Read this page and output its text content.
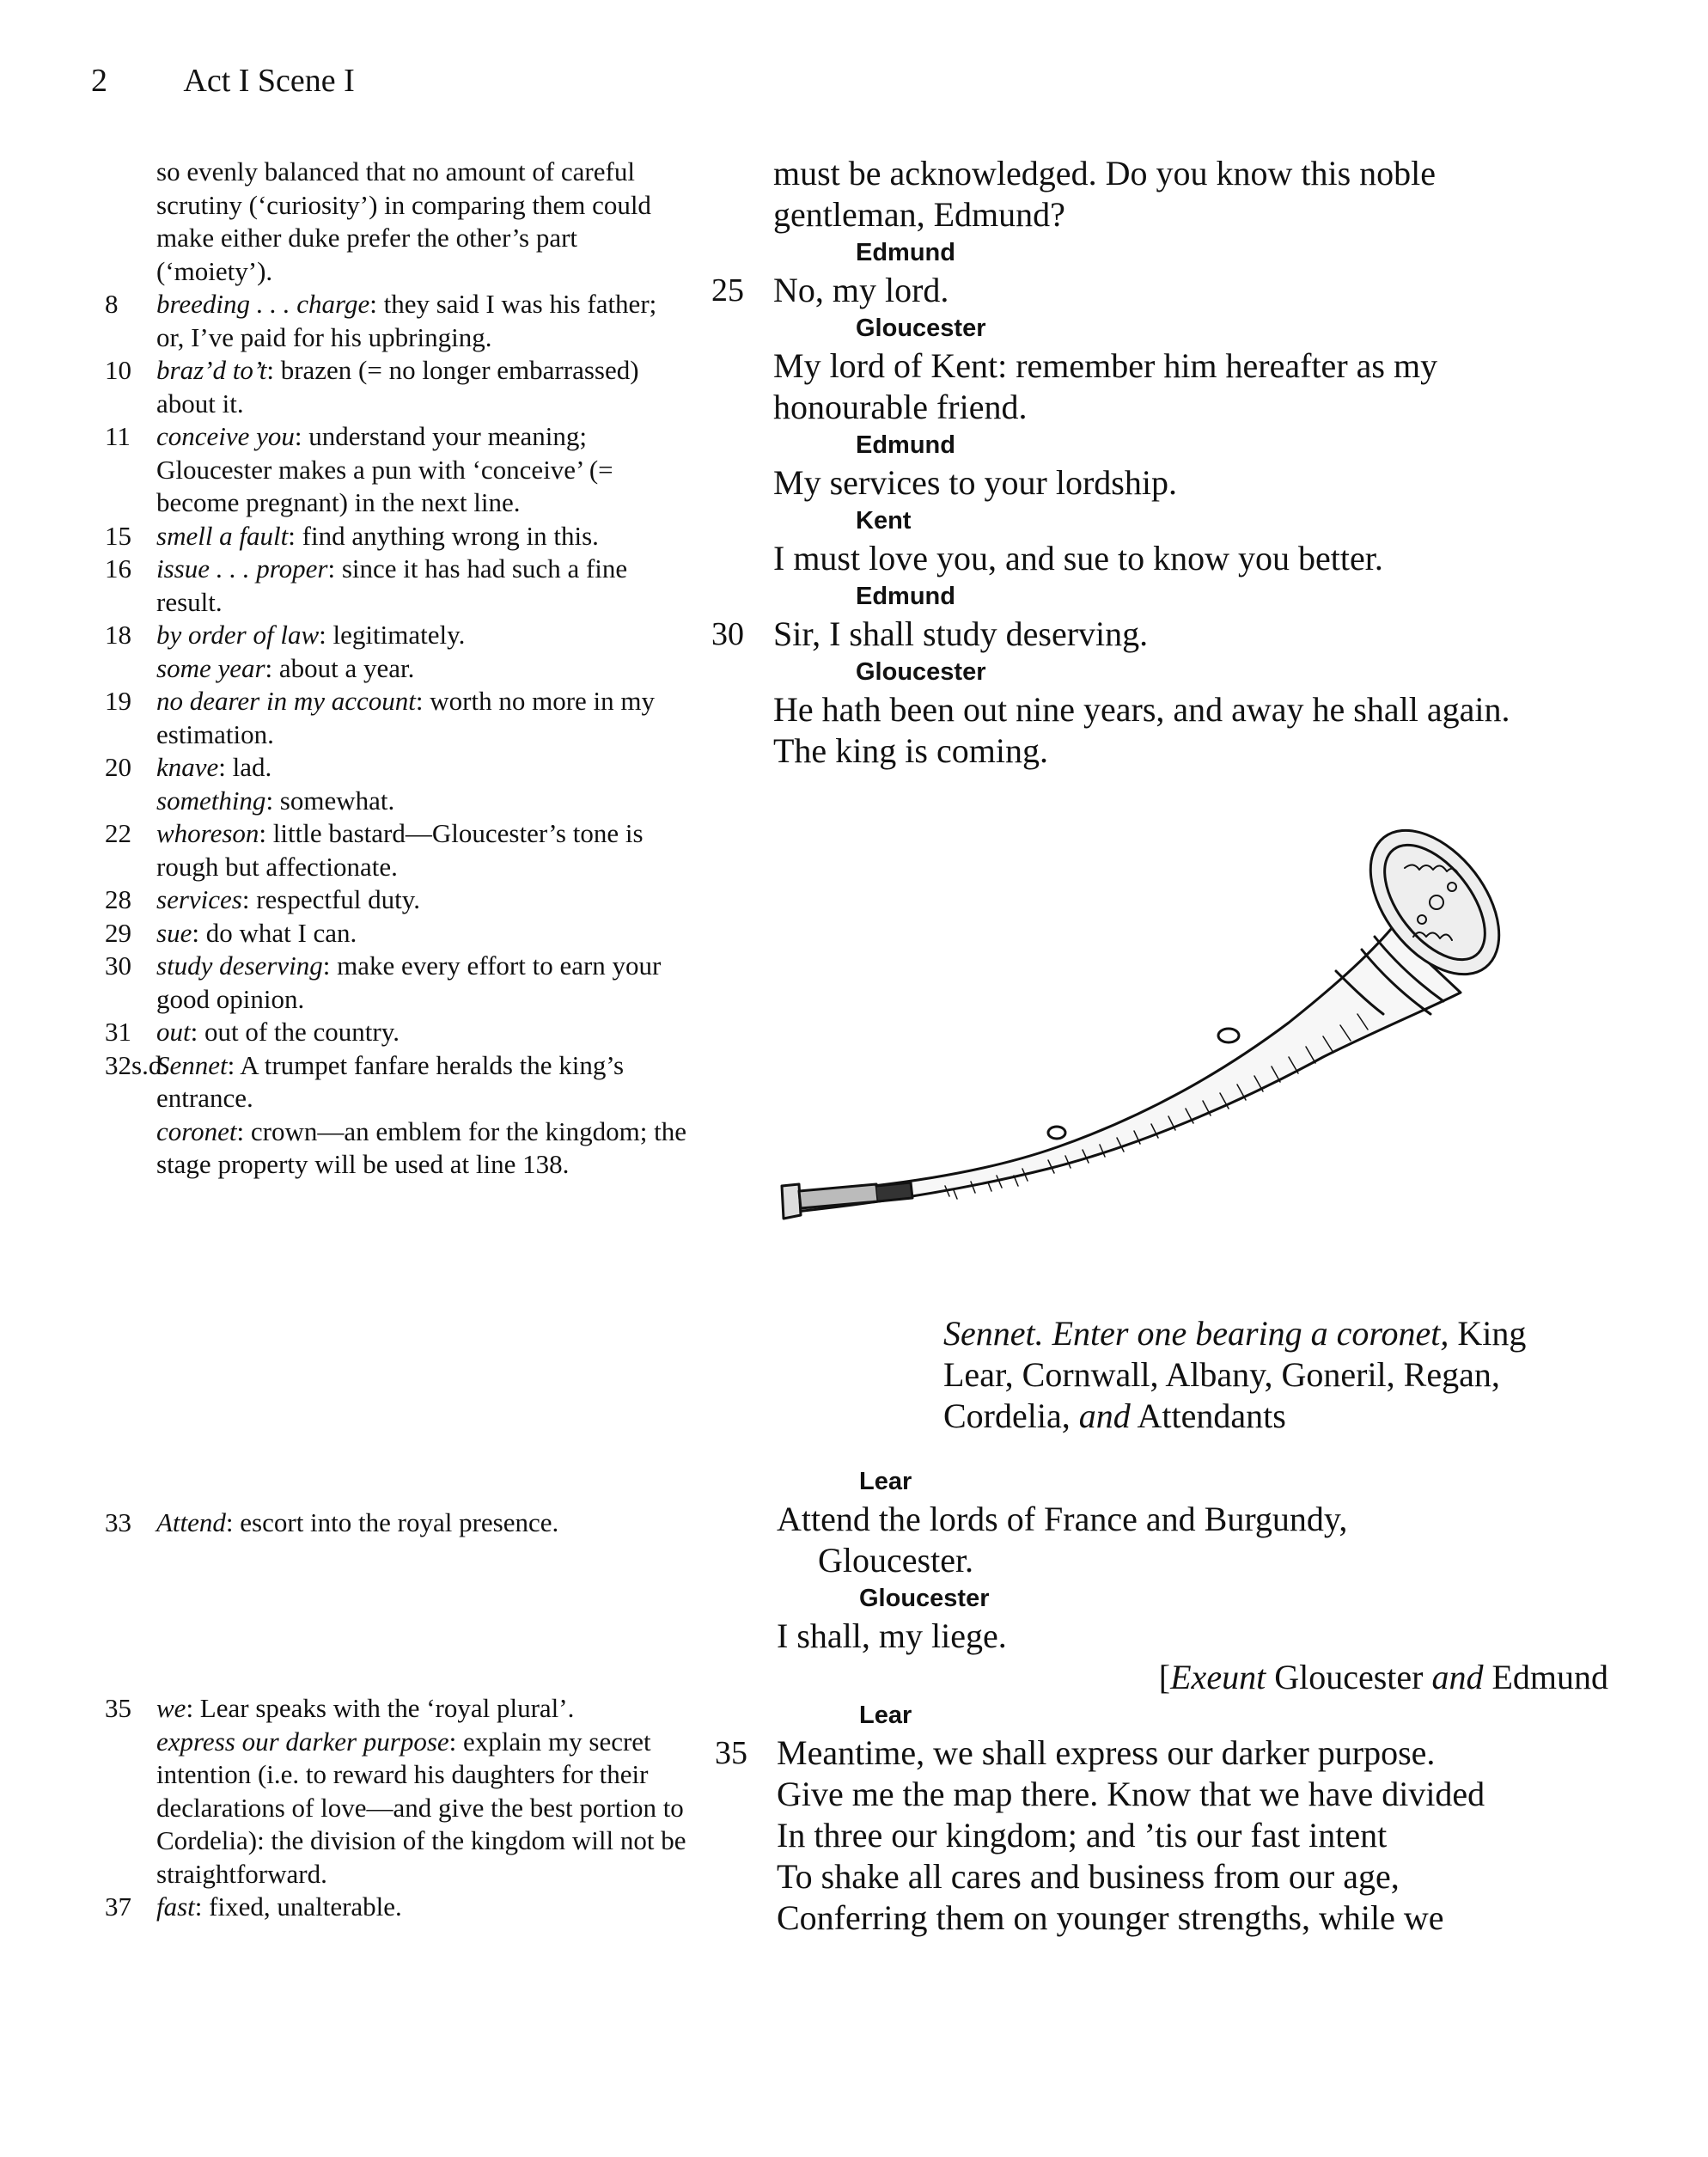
2 Act I Scene I
so evenly balanced that no amount of careful scrutiny (‘curiosity’) in comparing them could make either duke prefer the other’s part (‘moiety’).
8 breeding . . . charge: they said I was his father; or, I’ve paid for his upbringing.
10 braz’d to’t: brazen (= no longer embarrassed) about it.
11 conceive you: understand your meaning; Gloucester makes a pun with ‘conceive’ (= become pregnant) in the next line.
15 smell a fault: find anything wrong in this.
16 issue . . . proper: since it has had such a fine result.
18 by order of law: legitimately.
some year: about a year.
19 no dearer in my account: worth no more in my estimation.
20 knave: lad.
something: somewhat.
22 whoreson: little bastard—Gloucester’s tone is rough but affectionate.
28 services: respectful duty.
29 sue: do what I can.
30 study deserving: make every effort to earn your good opinion.
31 out: out of the country.
32s.d.
Sennet: A trumpet fanfare heralds the king’s entrance.
coronet: crown—an emblem for the kingdom; the stage property will be used at line 138.
33 Attend: escort into the royal presence.
35 we: Lear speaks with the ‘royal plural’.
express our darker purpose: explain my secret intention (i.e. to reward his daughters for their declarations of love—and give the best portion to Cordelia): the division of the kingdom will not be straightforward.
37 fast: fixed, unalterable.
must be acknowledged. Do you know this noble
gentleman, Edmund?
Edmund
25 No, my lord.
Gloucester
My lord of Kent: remember him hereafter as my
honourable friend.
Edmund
My services to your lordship.
Kent
I must love you, and sue to know you better.
Edmund
30 Sir, I shall study deserving.
Gloucester
He hath been out nine years, and away he shall again.
The king is coming.
Sennet. Enter one bearing a coronet, King
Lear, Cornwall, Albany, Goneril, Regan,
Cordelia, and Attendants
Lear
Attend the lords of France and Burgundy,
Gloucester.
Gloucester
I shall, my liege.
[Exeunt Gloucester and Edmund
Lear
35 Meantime, we shall express our darker purpose.
Give me the map there. Know that we have divided
In three our kingdom; and ’tis our fast intent
To shake all cares and business from our age,
Conferring them on younger strengths, while we
